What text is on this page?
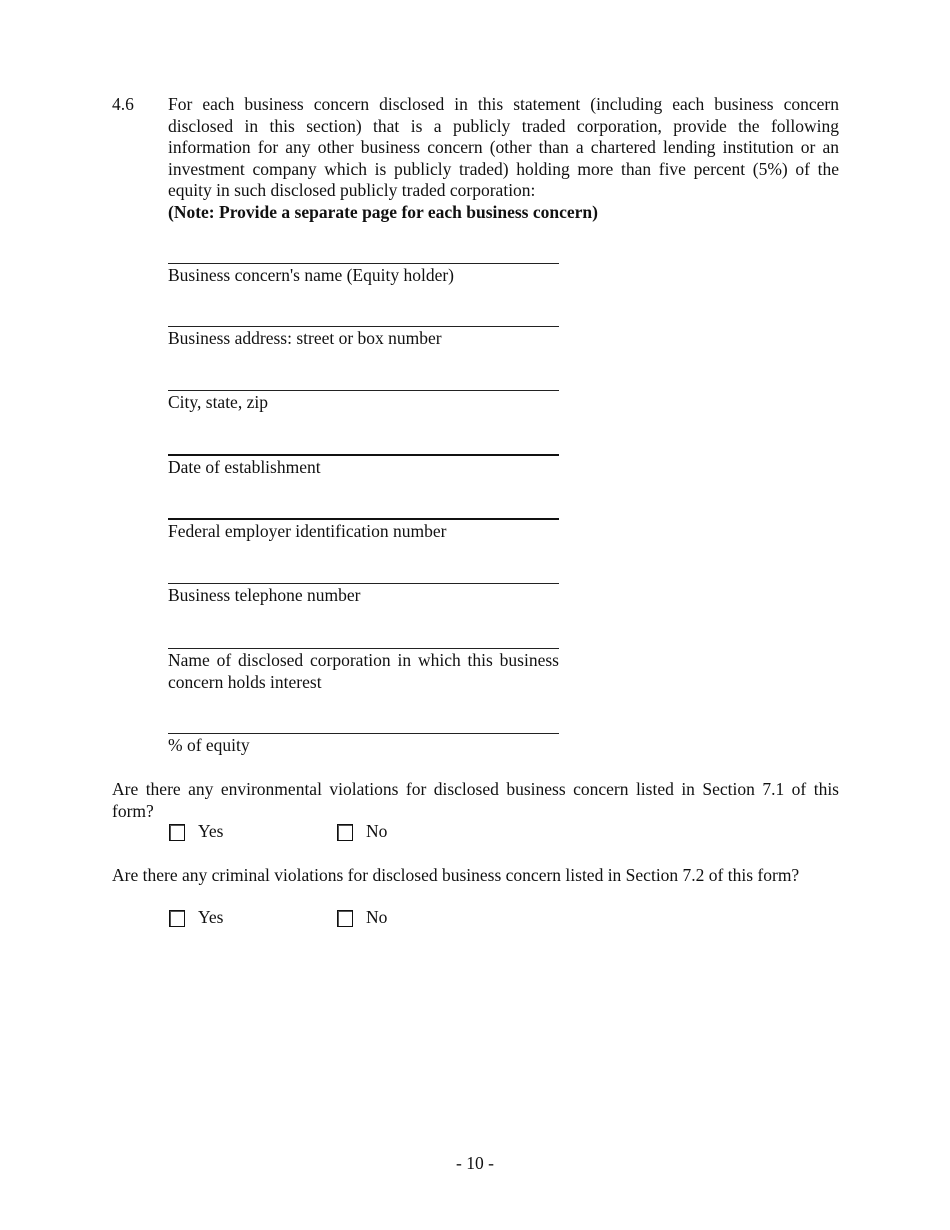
4.6 For each business concern disclosed in this statement (including each business concern disclosed in this section) that is a publicly traded corporation, provide the following information for any other business concern (other than a chartered lending institution or an investment company which is publicly traded) holding more than five percent (5%) of the equity in such disclosed publicly traded corporation:

(Note: Provide a separate page for each business concern)

Business concern's name (Equity holder)
Business address: street or box number
City, state, zip
Date of establishment
Federal employer identification number
Business telephone number
Name of disclosed corporation in which this business concern holds interest
% of equity
Are there any environmental violations for disclosed business concern listed in Section 7.1 of this form?
Yes	No
Are there any criminal violations for disclosed business concern listed in Section 7.2 of this form?
Yes	No
- 10 -
